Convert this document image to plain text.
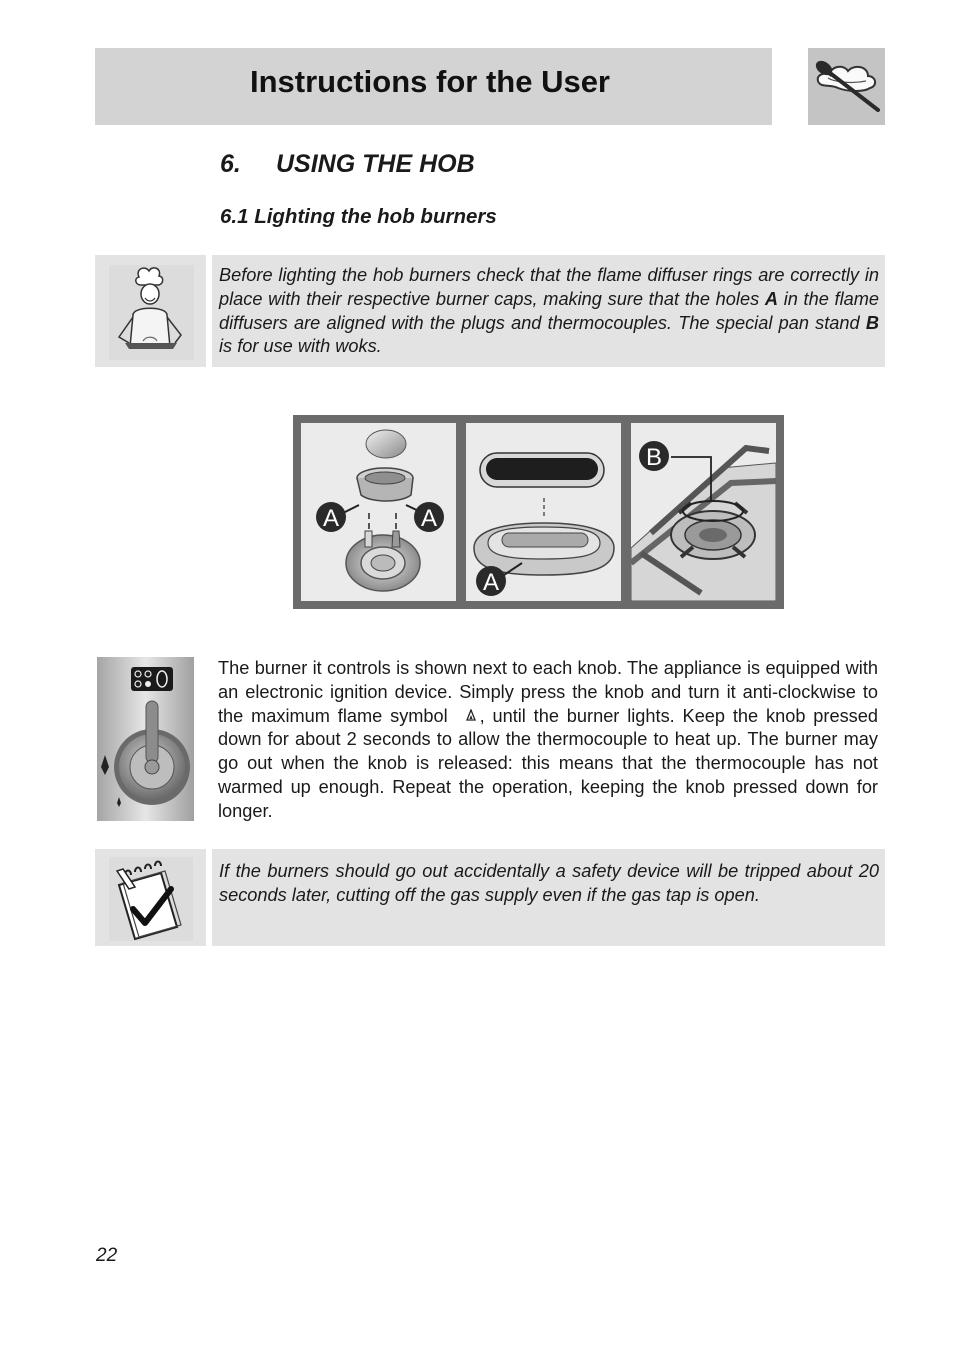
Instructions for the User
6. USING THE HOB
6.1 Lighting the hob burners
Before lighting the hob burners check that the flame diffuser rings are correctly in place with their respective burner caps, making sure that the holes A in the flame diffusers are aligned with the plugs and thermocouples. The special pan stand B is for use with woks.
A	A
A
B
The burner it controls is shown next to each knob. The appliance is equipped with an electronic ignition device. Simply press the knob and turn it anti-clockwise to the maximum flame symbol , until the burner lights. Keep the knob pressed down for about 2 seconds to allow the thermocouple to heat up. The burner may go out when the knob is released: this means that the thermocouple has not warmed up enough. Repeat the operation, keeping the knob pressed down for longer.
If the burners should go out accidentally a safety device will be tripped about 20 seconds later, cutting off the gas supply even if the gas tap is open.
22
